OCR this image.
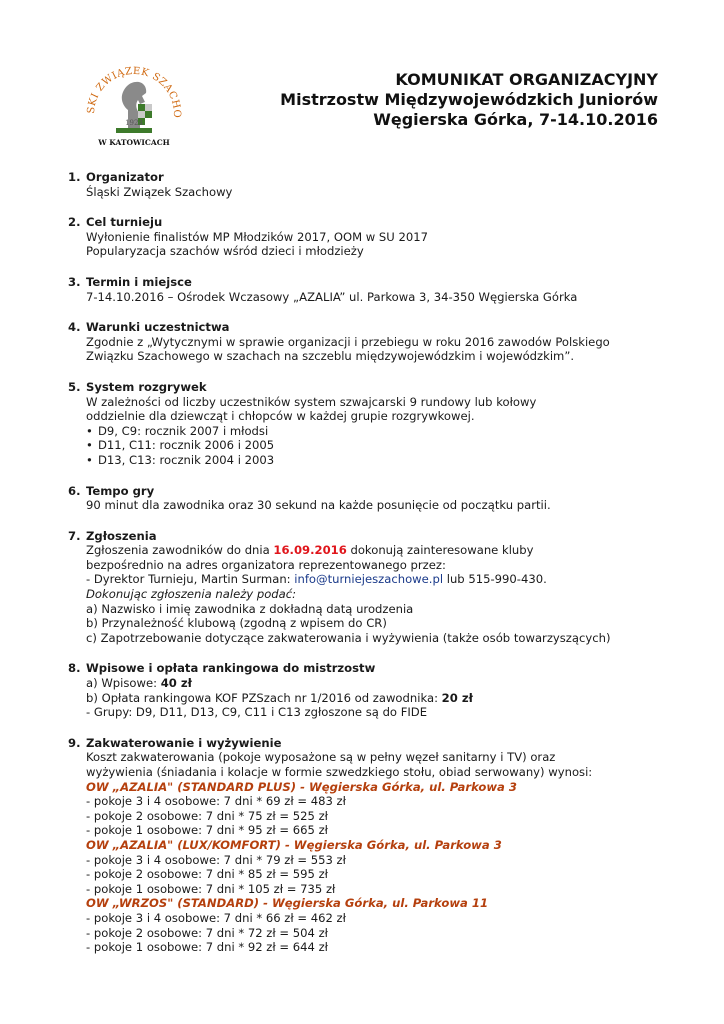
SKI ZWIĄZEK SZACHO
1924
W KATOWICACH
KOMUNIKAT ORGANIZACYJNY
Mistrzostw Międzywojewódzkich Juniorów
Węgierska Górka, 7-14.10.2016
1. Organizator
Śląski Związek Szachowy
2. Cel turnieju
Wyłonienie finalistów MP Młodzików 2017, OOM w SU 2017
Popularyzacja szachów wśród dzieci i młodzieży
3. Termin i miejsce
7-14.10.2016 – Ośrodek Wczasowy „AZALIA” ul. Parkowa 3, 34-350 Węgierska Górka
4. Warunki uczestnictwa
Zgodnie z „Wytycznymi w sprawie organizacji i przebiegu w roku 2016 zawodów Polskiego
Związku Szachowego w szachach na szczeblu międzywojewódzkim i wojewódzkim”.
5. System rozgrywek
W zależności od liczby uczestników system szwajcarski 9 rundowy lub kołowy
oddzielnie dla dziewcząt i chłopców w każdej grupie rozgrywkowej.
• D9, C9: rocznik 2007 i młodsi
• D11, C11: rocznik 2006 i 2005
• D13, C13: rocznik 2004 i 2003
6. Tempo gry
90 minut dla zawodnika oraz 30 sekund na każde posunięcie od początku partii.
7. Zgłoszenia
Zgłoszenia zawodników do dnia 16.09.2016 dokonują zainteresowane kluby
bezpośrednio na adres organizatora reprezentowanego przez:
- Dyrektor Turnieju, Martin Surman: info@turniejeszachowe.pl lub 515-990-430.
Dokonując zgłoszenia należy podać:
a) Nazwisko i imię zawodnika z dokładną datą urodzenia
b) Przynależność klubową (zgodną z wpisem do CR)
c) Zapotrzebowanie dotyczące zakwaterowania i wyżywienia (także osób towarzyszących)
8. Wpisowe i opłata rankingowa do mistrzostw
a) Wpisowe: 40 zł
b) Opłata rankingowa KOF PZSzach nr 1/2016 od zawodnika: 20 zł
- Grupy: D9, D11, D13, C9, C11 i C13 zgłoszone są do FIDE
9. Zakwaterowanie i wyżywienie
Koszt zakwaterowania (pokoje wyposażone są w pełny węzeł sanitarny i TV) oraz
wyżywienia (śniadania i kolacje w formie szwedzkiego stołu, obiad serwowany) wynosi:
OW „AZALIA" (STANDARD PLUS) - Węgierska Górka, ul. Parkowa 3
- pokoje 3 i 4 osobowe: 7 dni * 69 zł = 483 zł
- pokoje 2 osobowe: 7 dni * 75 zł = 525 zł
- pokoje 1 osobowe: 7 dni * 95 zł = 665 zł
OW „AZALIA" (LUX/KOMFORT) - Węgierska Górka, ul. Parkowa 3
- pokoje 3 i 4 osobowe: 7 dni * 79 zł = 553 zł
- pokoje 2 osobowe: 7 dni * 85 zł = 595 zł
- pokoje 1 osobowe: 7 dni * 105 zł = 735 zł
OW „WRZOS" (STANDARD) - Węgierska Górka, ul. Parkowa 11
- pokoje 3 i 4 osobowe: 7 dni * 66 zł = 462 zł
- pokoje 2 osobowe: 7 dni * 72 zł = 504 zł
- pokoje 1 osobowe: 7 dni * 92 zł = 644 zł
